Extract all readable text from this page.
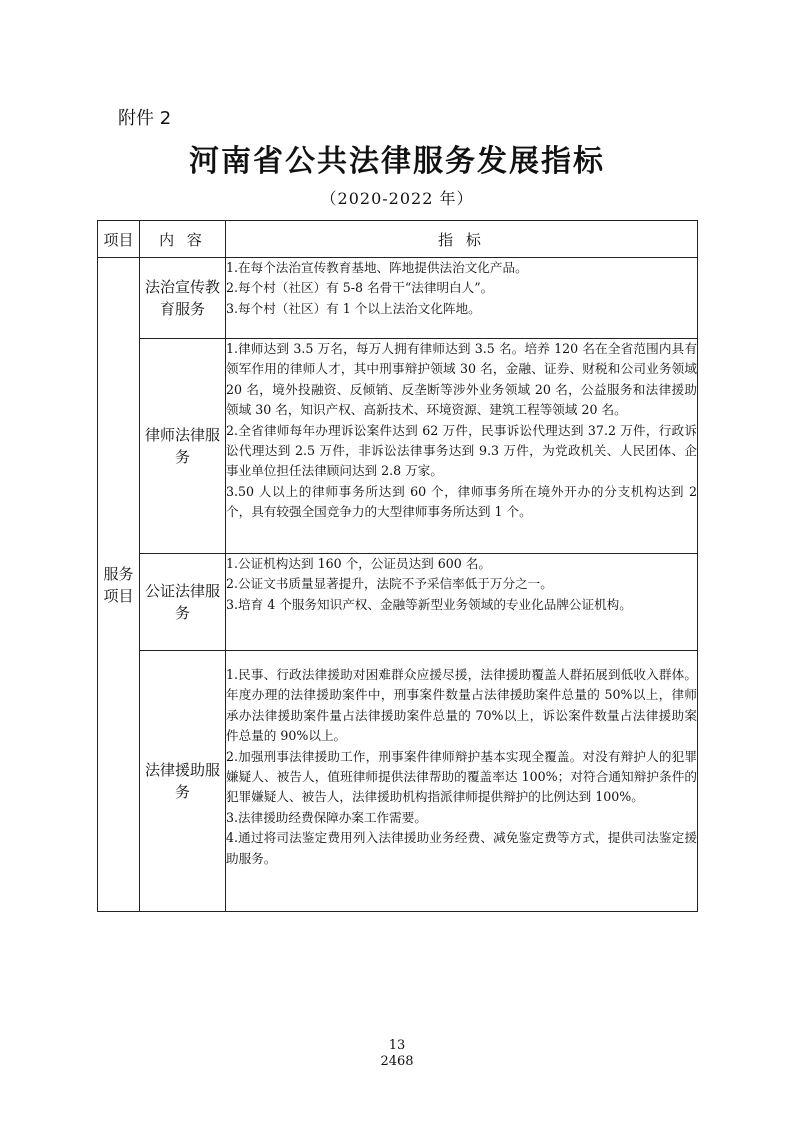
附件 2
河南省公共法律服务发展指标
（2020-2022 年）
项目	内 容	指 标

服务项目	法治宣传教育服务	1.在每个法治宣传教育基地、阵地提供法治文化产品。

2.每个村（社区）有 5-8 名骨干“法律明白人”。

3.每个村（社区）有 1 个以上法治文化阵地。

	律师法律服务	1.律师达到 3.5 万名，每万人拥有律师达到 3.5 名。培养 120 名在全省范围内具有领军作用的律师人才，其中刑事辩护领域 30 名，金融、证券、财税和公司业务领域 20 名，境外投融资、反倾销、反垄断等涉外业务领域 20 名，公益服务和法律援助领域 30 名，知识产权、高新技术、环境资源、建筑工程等领域 20 名。

2.全省律师每年办理诉讼案件达到 62 万件，民事诉讼代理达到 37.2 万件，行政诉讼代理达到 2.5 万件，非诉讼法律事务达到 9.3 万件，为党政机关、人民团体、企事业单位担任法律顾问达到 2.8 万家。

3.50 人以上的律师事务所达到 60 个，律师事务所在境外开办的分支机构达到 2 个，具有较强全国竞争力的大型律师事务所达到 1 个。

	公证法律服务	1.公证机构达到 160 个，公证员达到 600 名。

2.公证文书质量显著提升，法院不予采信率低于万分之一。

3.培育 4 个服务知识产权、金融等新型业务领域的专业化品牌公证机构。

	法律援助服务	1.民事、行政法律援助对困难群众应援尽援，法律援助覆盖人群拓展到低收入群体。年度办理的法律援助案件中，刑事案件数量占法律援助案件总量的 50%以上，律师承办法律援助案件量占法律援助案件总量的 70%以上，诉讼案件数量占法律援助案件总量的 90%以上。

2.加强刑事法律援助工作，刑事案件律师辩护基本实现全覆盖。对没有辩护人的犯罪嫌疑人、被告人，值班律师提供法律帮助的覆盖率达 100%；对符合通知辩护条件的犯罪嫌疑人、被告人，法律援助机构指派律师提供辩护的比例达到 100%。

3.法律援助经费保障办案工作需要。

4.通过将司法鉴定费用列入法律援助业务经费、减免鉴定费等方式，提供司法鉴定援助服务。

13
2468
